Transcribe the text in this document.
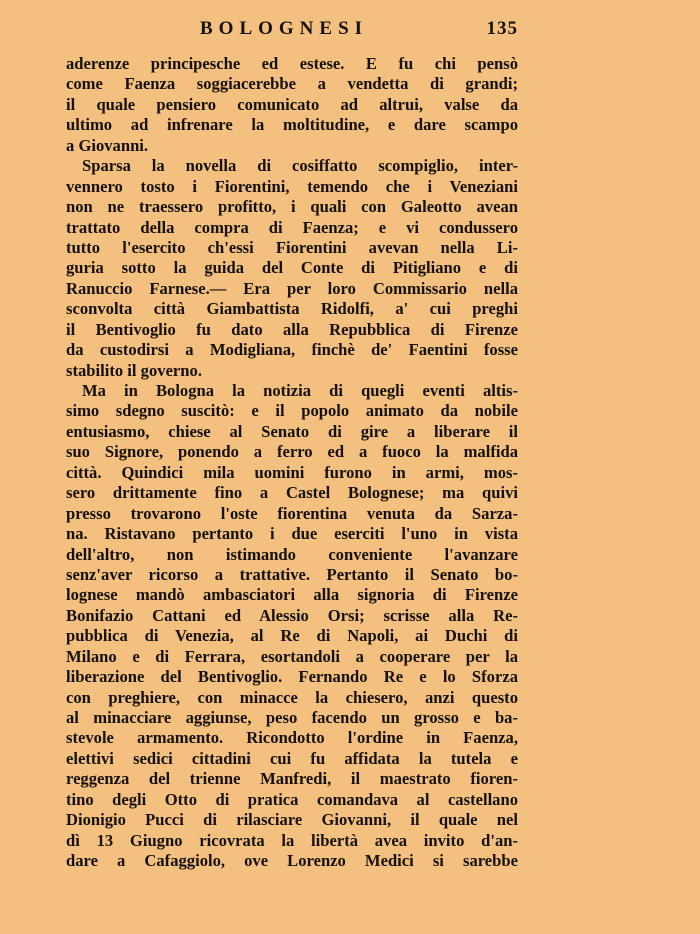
BOLOGNESI	135
aderenze principesche ed estese. E fu chi pensò
come Faenza soggiacerebbe a vendetta di grandi;
il quale pensiero comunicato ad altrui, valse da
ultimo ad infrenare la moltitudine, e dare scampo
a Giovanni.
Sparsa la novella di cosiffatto scompiglio, inter-
vennero tosto i Fiorentini, temendo che i Veneziani
non ne traessero profitto, i quali con Galeotto avean
trattato della compra di Faenza; e vi condussero
tutto l'esercito ch'essi Fiorentini avevan nella Li-
guria sotto la guida del Conte di Pitigliano e di
Ranuccio Farnese.— Era per loro Commissario nella
sconvolta città Giambattista Ridolfi, a' cui preghi
il Bentivoglio fu dato alla Repubblica di Firenze
da custodirsi a Modigliana, finchè de' Faentini fosse
stabilito il governo.
Ma in Bologna la notizia di quegli eventi altis-
simo sdegno suscitò: e il popolo animato da nobile
entusiasmo, chiese al Senato di gire a liberare il
suo Signore, ponendo a ferro ed a fuoco la malfida
città. Quindici mila uomini furono in armi, mos-
sero drittamente fino a Castel Bolognese; ma quivi
presso trovarono l'oste fiorentina venuta da Sarza-
na. Ristavano pertanto i due eserciti l'uno in vista
dell'altro, non istimando conveniente l'avanzare
senz'aver ricorso a trattative. Pertanto il Senato bo-
lognese mandò ambasciatori alla signoria di Firenze
Bonifazio Cattani ed Alessio Orsi; scrisse alla Re-
pubblica di Venezia, al Re di Napoli, ai Duchi di
Milano e di Ferrara, esortandoli a cooperare per la
liberazione del Bentivoglio. Fernando Re e lo Sforza
con preghiere, con minacce la chiesero, anzi questo
al minacciare aggiunse, peso facendo un grosso e ba-
stevole armamento. Ricondotto l'ordine in Faenza,
elettivi sedici cittadini cui fu affidata la tutela e
reggenza del trienne Manfredi, il maestrato fioren-
tino degli Otto di pratica comandava al castellano
Dionigio Pucci di rilasciare Giovanni, il quale nel
dì 13 Giugno ricovrata la libertà avea invito d'an-
dare a Cafaggiolo, ove Lorenzo Medici si sarebbe
